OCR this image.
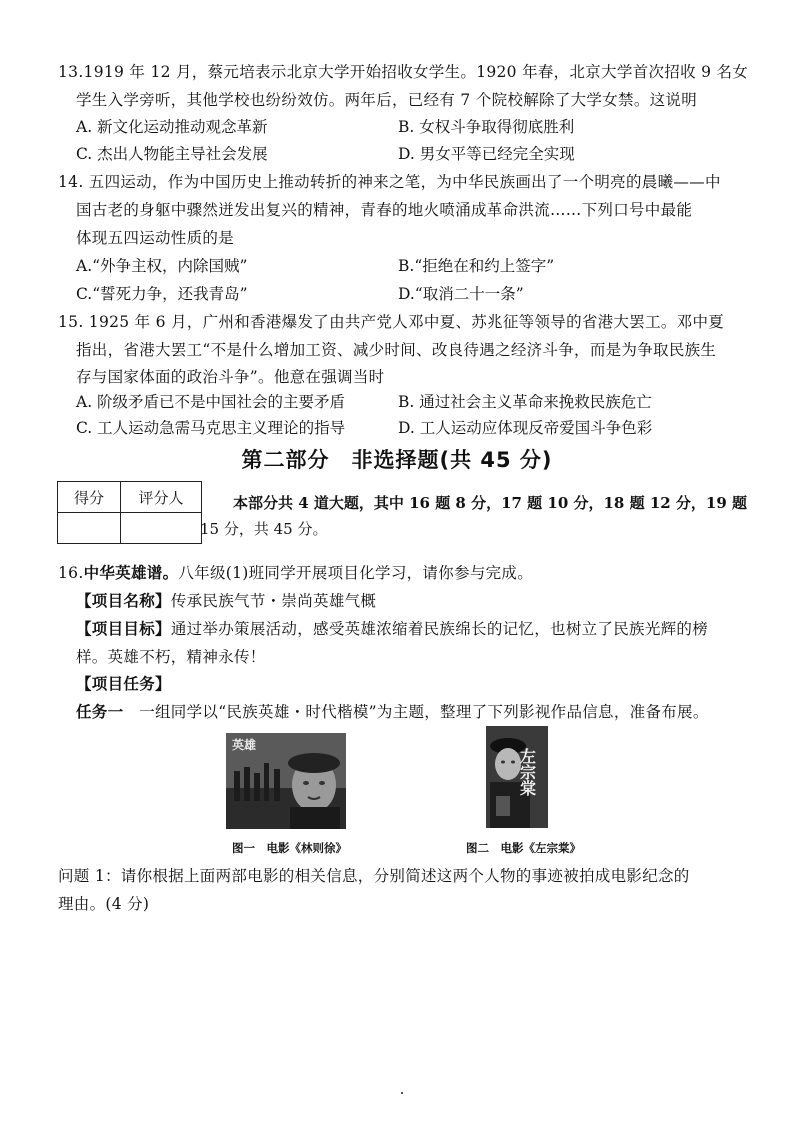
13.1919 年 12 月，蔡元培表示北京大学开始招收女学生。1920 年春，北京大学首次招收 9 名女
学生入学旁听，其他学校也纷纷效仿。两年后，已经有 7 个院校解除了大学女禁。这说明
A. 新文化运动推动观念革新	B. 女权斗争取得彻底胜利
C. 杰出人物能主导社会发展	D. 男女平等已经完全实现
14. 五四运动，作为中国历史上推动转折的神来之笔，为中华民族画出了一个明亮的晨曦——中
国古老的身躯中骤然迸发出复兴的精神，青春的地火喷涌成革命洪流……下列口号中最能
体现五四运动性质的是
A.“外争主权，内除国贼”	B.“拒绝在和约上签字”
C.“誓死力争，还我青岛”	D.“取消二十一条”
15. 1925 年 6 月，广州和香港爆发了由共产党人邓中夏、苏兆征等领导的省港大罢工。邓中夏
指出，省港大罢工“不是什么增加工资、减少时间、改良待遇之经济斗争，而是为争取民族生
存与国家体面的政治斗争”。他意在强调当时
A. 阶级矛盾已不是中国社会的主要矛盾	B. 通过社会主义革命来挽救民族危亡
C. 工人运动急需马克思主义理论的指导	D. 工人运动应体现反帝爱国斗争色彩
第二部分　非选择题(共 45 分)
得分	评分人
		本部分共 4 道大题，其中 16 题 8 分，17 题 10 分，18 题 12 分，19 题
15 分，共 45 分。
16.中华英雄谱。八年级(1)班同学开展项目化学习，请你参与完成。
【项目名称】传承民族气节・崇尚英雄气概
【项目目标】通过举办策展活动，感受英雄浓缩着民族绵长的记忆，也树立了民族光辉的榜
样。英雄不朽，精神永传！
【项目任务】
任务一　一组同学以“民族英雄・时代楷模”为主题，整理了下列影视作品信息，准备布展。
英雄
图一　电影《林则徐》
左宗棠
图二　电影《左宗棠》
问题 1：请你根据上面两部电影的相关信息，分别简述这两个人物的事迹被拍成电影纪念的
理由。(4 分)
